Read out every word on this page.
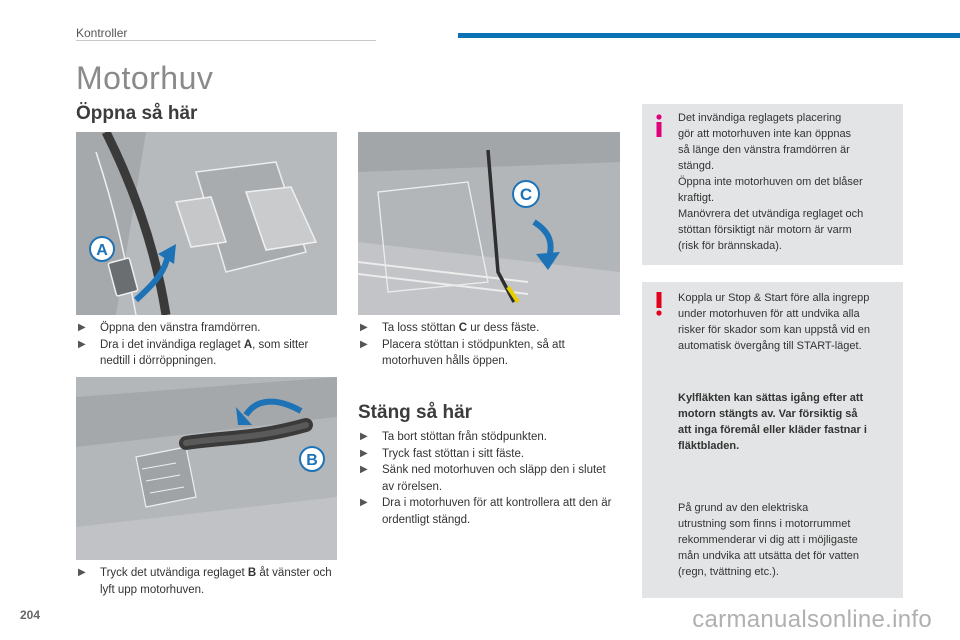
Kontroller
Motorhuv
Öppna så här
A
▶ Öppna den vänstra framdörren.
▶ Dra i det invändiga reglaget A, som sitter nedtill i dörröppningen.
B
▶ Tryck det utvändiga reglaget B åt vänster och lyft upp motorhuven.
C
▶ Ta loss stöttan C ur dess fäste.
▶ Placera stöttan i stödpunkten, så att motorhuven hålls öppen.
Stäng så här
▶ Ta bort stöttan från stödpunkten.
▶ Tryck fast stöttan i sitt fäste.
▶ Sänk ned motorhuven och släpp den i slutet av rörelsen.
▶ Dra i motorhuven för att kontrollera att den är ordentligt stängd.
Det invändiga reglagets placering
gör att motorhuven inte kan öppnas
så länge den vänstra framdörren är
stängd.
Öppna inte motorhuven om det blåser
kraftigt.
Manövrera det utvändiga reglaget och
stöttan försiktigt när motorn är varm
(risk för brännskada).
Koppla ur Stop & Start före alla ingrepp
under motorhuven för att undvika alla
risker för skador som kan uppstå vid en
automatisk övergång till START-läget.
Kylfläkten kan sättas igång efter att
motorn stängts av. Var försiktig så
att inga föremål eller kläder fastnar i
fläktbladen.
På grund av den elektriska
utrustning som finns i motorrummet
rekommenderar vi dig att i möjligaste
mån undvika att utsätta det för vatten
(regn, tvättning etc.).
204	carmanualsonline.info
